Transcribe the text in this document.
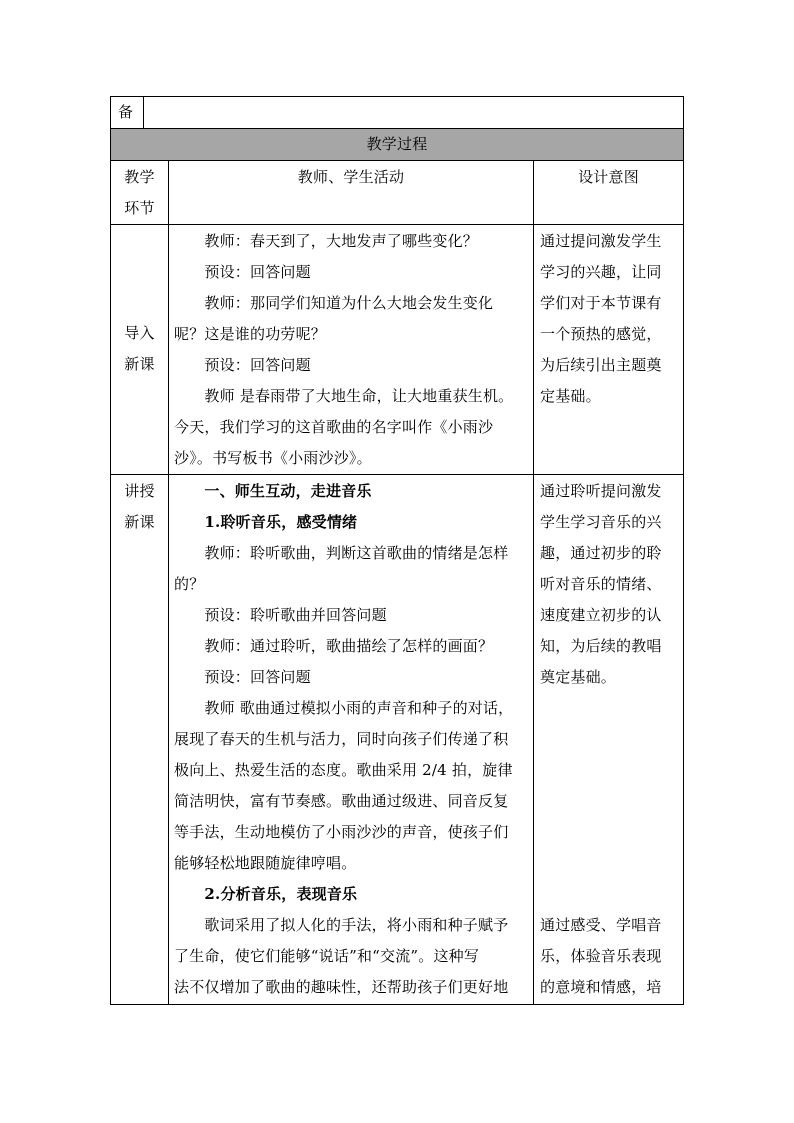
备
教学过程
教学
环节
教师、学生活动	设计意图
导入
新课
　　教师：春天到了，大地发声了哪些变化？
　　预设：回答问题
　　教师：那同学们知道为什么大地会发生变化
呢？这是谁的功劳呢？
　　预设：回答问题
　　教师 是春雨带了大地生命，让大地重获生机。
今天，我们学习的这首歌曲的名字叫作《小雨沙
沙》。书写板书《小雨沙沙》。
通过提问激发学生
学习的兴趣，让同
学们对于本节课有
一个预热的感觉，
为后续引出主题奠
定基础。
讲授
新课
　　一、师生互动，走进音乐
　　1.聆听音乐，感受情绪
　　教师：聆听歌曲，判断这首歌曲的情绪是怎样
的？
　　预设：聆听歌曲并回答问题
　　教师：通过聆听，歌曲描绘了怎样的画面？
　　预设：回答问题
　　教师 歌曲通过模拟小雨的声音和种子的对话，
展现了春天的生机与活力，同时向孩子们传递了积
极向上、热爱生活的态度。歌曲采用 2/4 拍，旋律
简洁明快，富有节奏感。歌曲通过级进、同音反复
等手法，生动地模仿了小雨沙沙的声音，使孩子们
能够轻松地跟随旋律哼唱。
　　2.分析音乐，表现音乐
　　歌词采用了拟人化的手法，将小雨和种子赋予
了生命，使它们能够“说话”和“交流”。这种写
法不仅增加了歌曲的趣味性，还帮助孩子们更好地
通过聆听提问激发
学生学习音乐的兴
趣，通过初步的聆
听对音乐的情绪、
速度建立初步的认
知，为后续的教唱
奠定基础。
通过感受、学唱音
乐，体验音乐表现
的意境和情感，培
